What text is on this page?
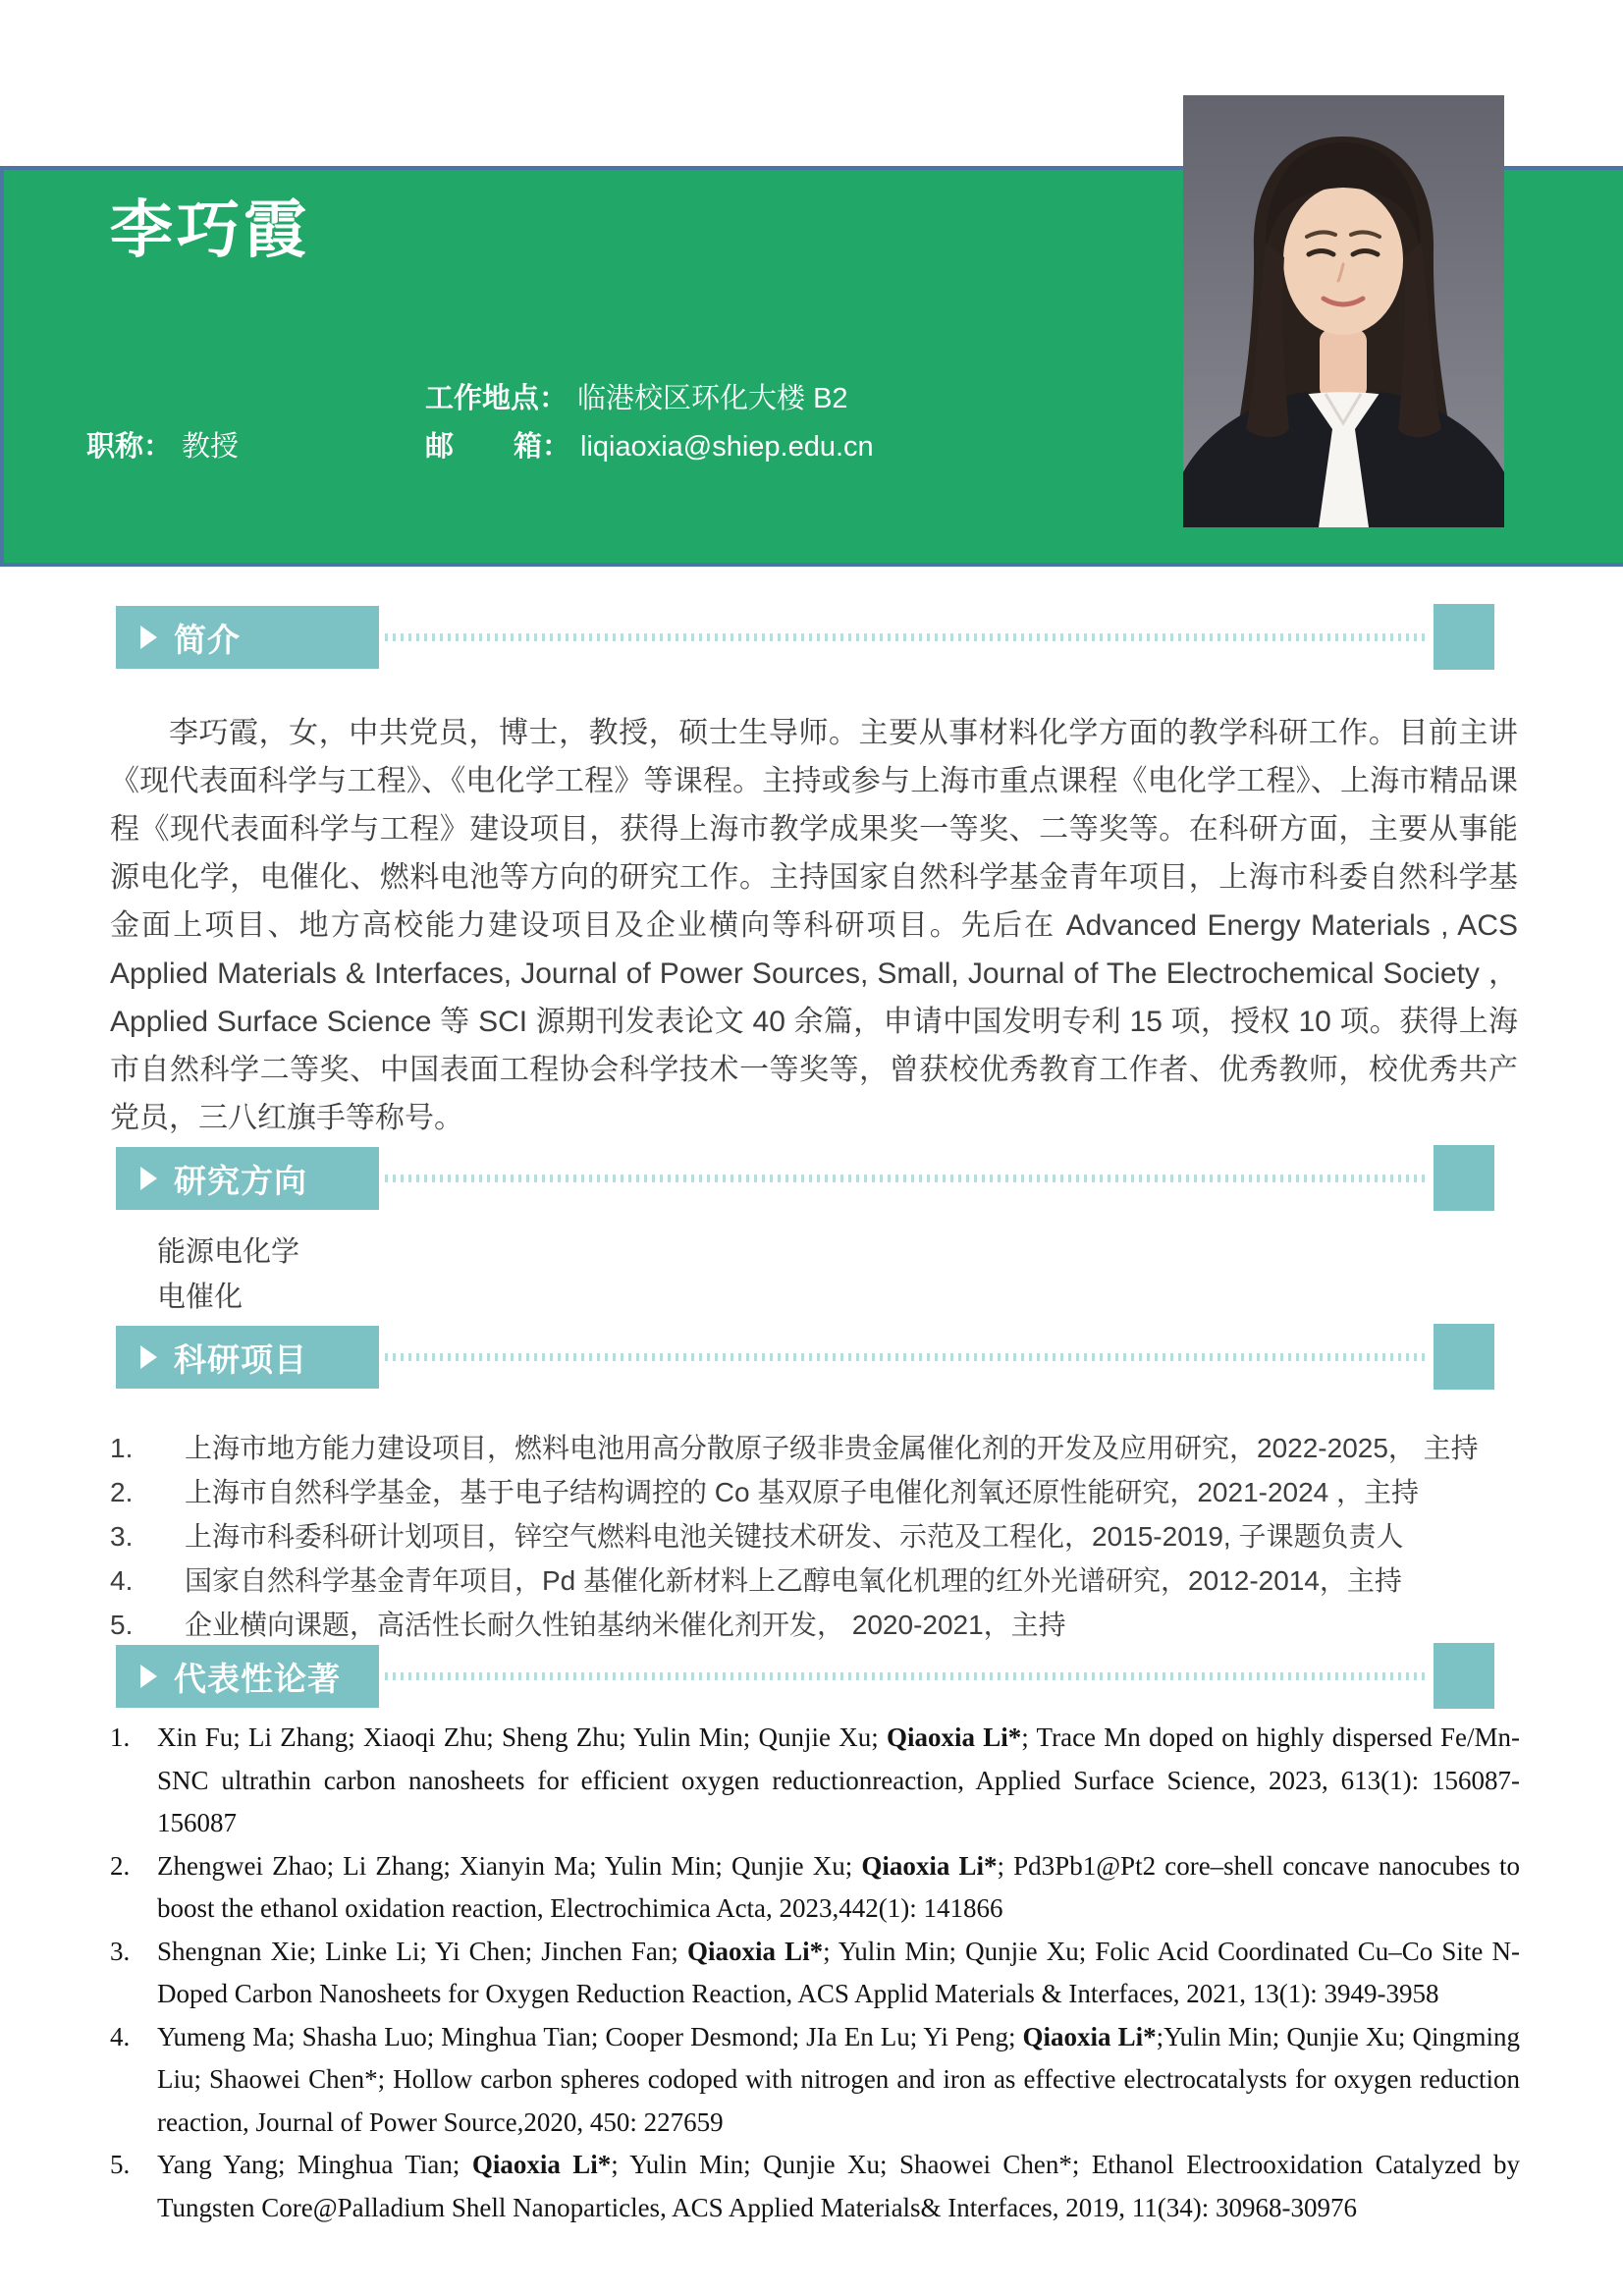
李巧霞
工作地点： 临港校区环化大楼 B2
职称： 教授	邮 箱： liqiaoxia@shiep.edu.cn
简介
李巧霞，女，中共党员，博士，教授，硕士生导师。主要从事材料化学方面的教学科研工作。目前主讲《现代表面科学与工程》、《电化学工程》等课程。主持或参与上海市重点课程《电化学工程》、上海市精品课程《现代表面科学与工程》建设项目，获得上海市教学成果奖一等奖、二等奖等。在科研方面，主要从事能源电化学，电催化、燃料电池等方向的研究工作。主持国家自然科学基金青年项目，上海市科委自然科学基金面上项目、地方高校能力建设项目及企业横向等科研项目。先后在 Advanced Energy Materials , ACS Applied Materials & Interfaces, Journal of Power Sources, Small, Journal of The Electrochemical Society ， Applied Surface Science 等 SCI 源期刊发表论文 40 余篇，申请中国发明专利 15 项，授权 10 项。获得上海市自然科学二等奖、中国表面工程协会科学技术一等奖等，曾获校优秀教育工作者、优秀教师，校优秀共产党员，三八红旗手等称号。
研究方向
能源电化学
电催化
科研项目
1. 上海市地方能力建设项目，燃料电池用高分散原子级非贵金属催化剂的开发及应用研究，2022-2025， 主持
2. 上海市自然科学基金，基于电子结构调控的 Co 基双原子电催化剂氧还原性能研究，2021-2024 ，主持
3. 上海市科委科研计划项目，锌空气燃料电池关键技术研发、示范及工程化，2015-2019, 子课题负责人
4. 国家自然科学基金青年项目，Pd 基催化新材料上乙醇电氧化机理的红外光谱研究，2012-2014，主持
5. 企业横向课题，高活性长耐久性铂基纳米催化剂开发， 2020-2021，主持
代表性论著
1. Xin Fu; Li Zhang; Xiaoqi Zhu; Sheng Zhu; Yulin Min; Qunjie Xu; Qiaoxia Li*; Trace Mn doped on highly dispersed Fe/Mn-SNC ultrathin carbon nanosheets for efficient oxygen reductionreaction, Applied Surface Science, 2023, 613(1): 156087-156087
2. Zhengwei Zhao; Li Zhang; Xianyin Ma; Yulin Min; Qunjie Xu; Qiaoxia Li*; Pd3Pb1@Pt2 core–shell concave nanocubes to boost the ethanol oxidation reaction, Electrochimica Acta, 2023,442(1): 141866
3. Shengnan Xie; Linke Li; Yi Chen; Jinchen Fan; Qiaoxia Li*; Yulin Min; Qunjie Xu; Folic Acid Coordinated Cu–Co Site N-Doped Carbon Nanosheets for Oxygen Reduction Reaction, ACS Applid Materials & Interfaces, 2021, 13(1): 3949-3958
4. Yumeng Ma; Shasha Luo; Minghua Tian; Cooper Desmond; JIa En Lu; Yi Peng; Qiaoxia Li*;Yulin Min; Qunjie Xu; Qingming Liu; Shaowei Chen*; Hollow carbon spheres codoped with nitrogen and iron as effective electrocatalysts for oxygen reduction reaction, Journal of Power Source,2020, 450: 227659
5. Yang Yang; Minghua Tian; Qiaoxia Li*; Yulin Min; Qunjie Xu; Shaowei Chen*; Ethanol Electrooxidation Catalyzed by Tungsten Core@Palladium Shell Nanoparticles, ACS Applied Materials& Interfaces, 2019, 11(34): 30968-30976
